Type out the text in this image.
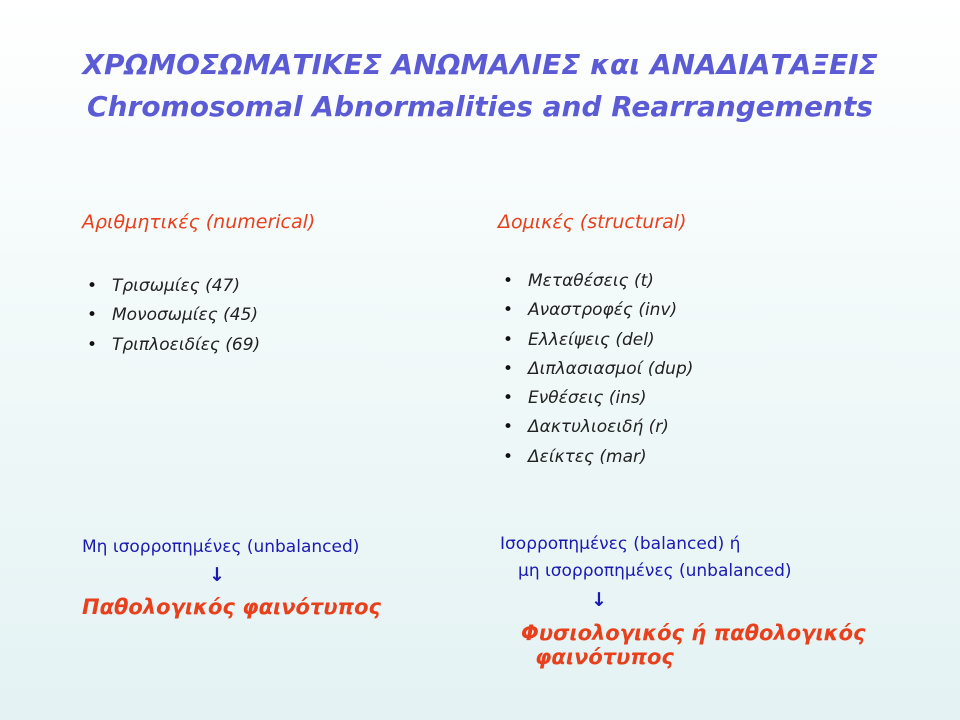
ΧΡΩΜΟΣΩΜΑΤΙΚΕΣ ΑΝΩΜΑΛΙΕΣ και ΑΝΑΔΙΑΤΑΞΕΙΣ
Chromosomal Abnormalities and Rearrangements

Αριθμητικές (numerical)

• Τρισωμίες (47)
• Μονοσωμίες (45)
• Τριπλοειδίες (69)

Μη ισορροπημένες (unbalanced)

↓

Παθολογικός φαινότυπος

Δομικές (structural)

• Μεταθέσεις (t)
• Αναστροφές (inv)
• Ελλείψεις (del)
• Διπλασιασμοί (dup)
• Ενθέσεις (ins)
• Δακτυλιοειδή (r)
• Δείκτες (mar)

Ισορροπημένες (balanced) ή

μη ισορροπημένες (unbalanced)

↓

Φυσιολογικός ή παθολογικός

φαινότυπος
